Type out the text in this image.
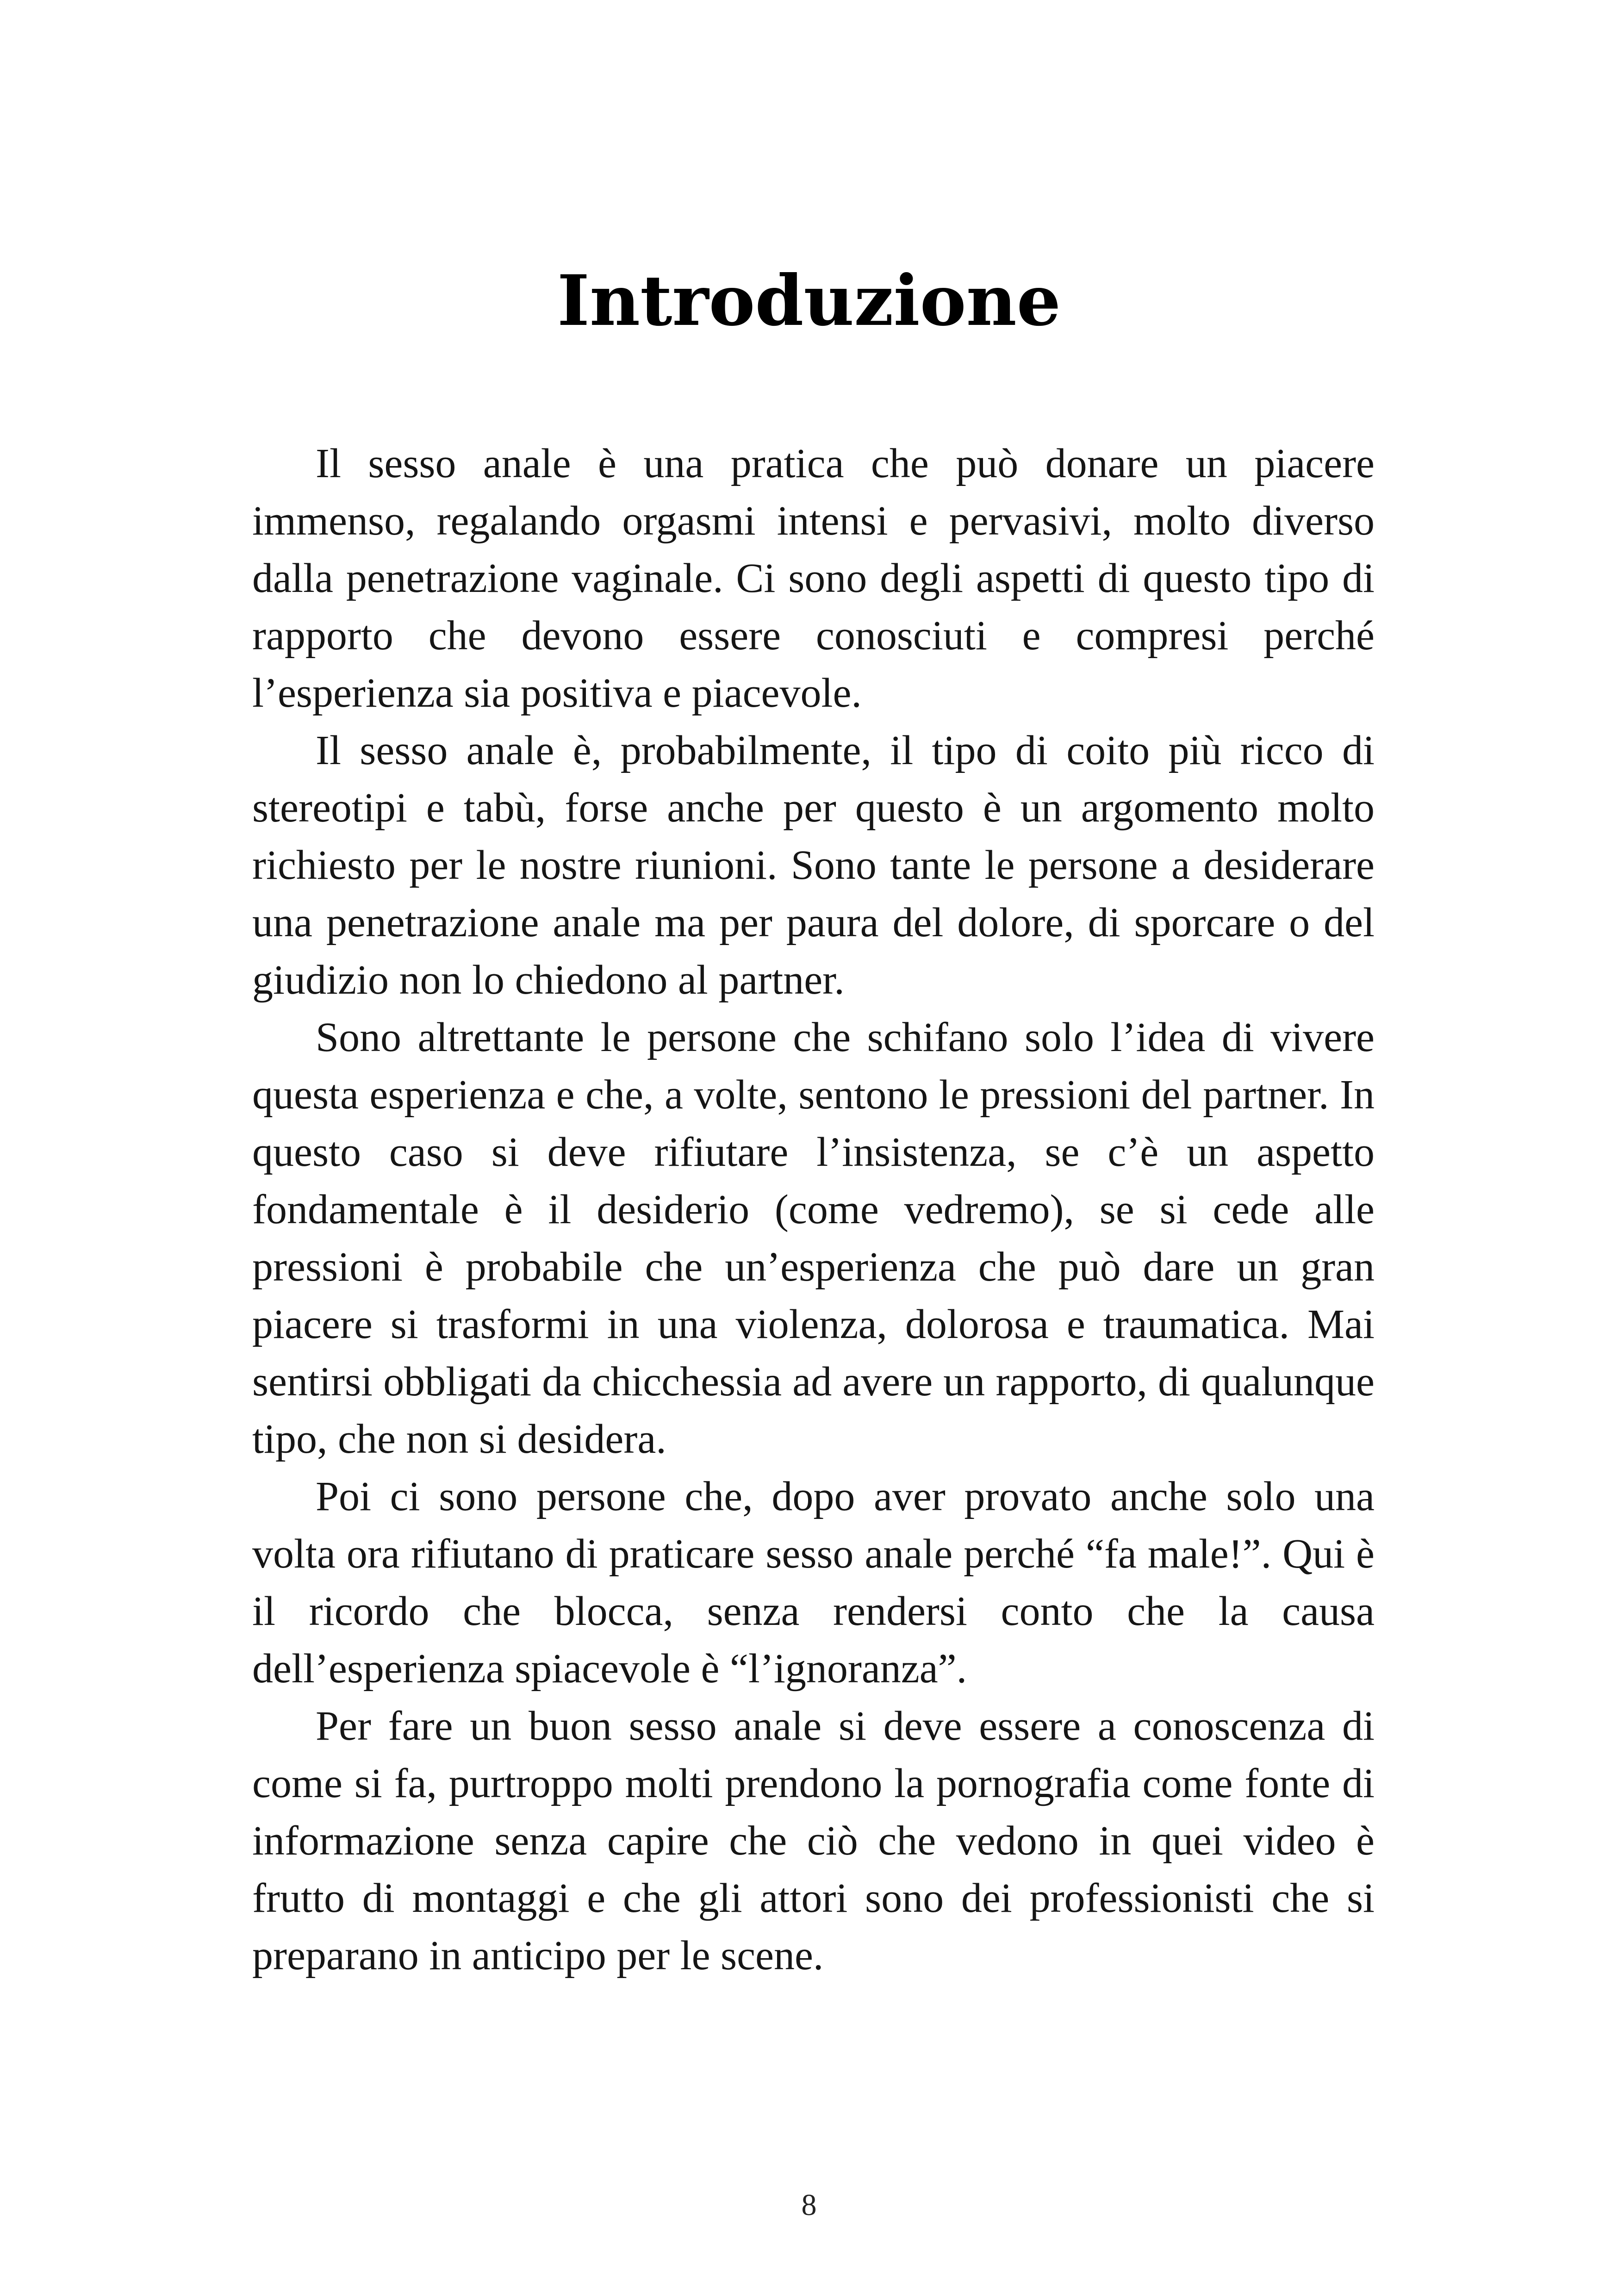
Introduzione

Il sesso anale è una pratica che può donare un piacere immenso, regalando orgasmi intensi e pervasivi, molto diverso dalla penetrazione vaginale. Ci sono degli aspetti di questo tipo di rapporto che devono essere conosciuti e compresi perché l’esperienza sia positiva e piacevole.

Il sesso anale è, probabilmente, il tipo di coito più ricco di stereotipi e tabù, forse anche per questo è un argomento molto richiesto per le nostre riunioni. Sono tante le persone a desiderare una penetrazione anale ma per paura del dolore, di sporcare o del giudizio non lo chiedono al partner.

Sono altrettante le persone che schifano solo l’idea di vivere questa esperienza e che, a volte, sentono le pressioni del partner. In questo caso si deve rifiutare l’insistenza, se c’è un aspetto fondamentale è il desiderio (come vedremo), se si cede alle pressioni è probabile che un’esperienza che può dare un gran piacere si trasformi in una violenza, dolorosa e traumatica. Mai sentirsi obbligati da chicchessia ad avere un rapporto, di qualunque tipo, che non si desidera.

Poi ci sono persone che, dopo aver provato anche solo una volta ora rifiutano di praticare sesso anale perché “fa male!”. Qui è il ricordo che blocca, senza rendersi conto che la causa dell’esperienza spiacevole è “l’ignoranza”.

Per fare un buon sesso anale si deve essere a conoscenza di come si fa, purtroppo molti prendono la pornografia come fonte di informazione senza capire che ciò che vedono in quei video è frutto di montaggi e che gli attori sono dei professionisti che si preparano in anticipo per le scene.

8
